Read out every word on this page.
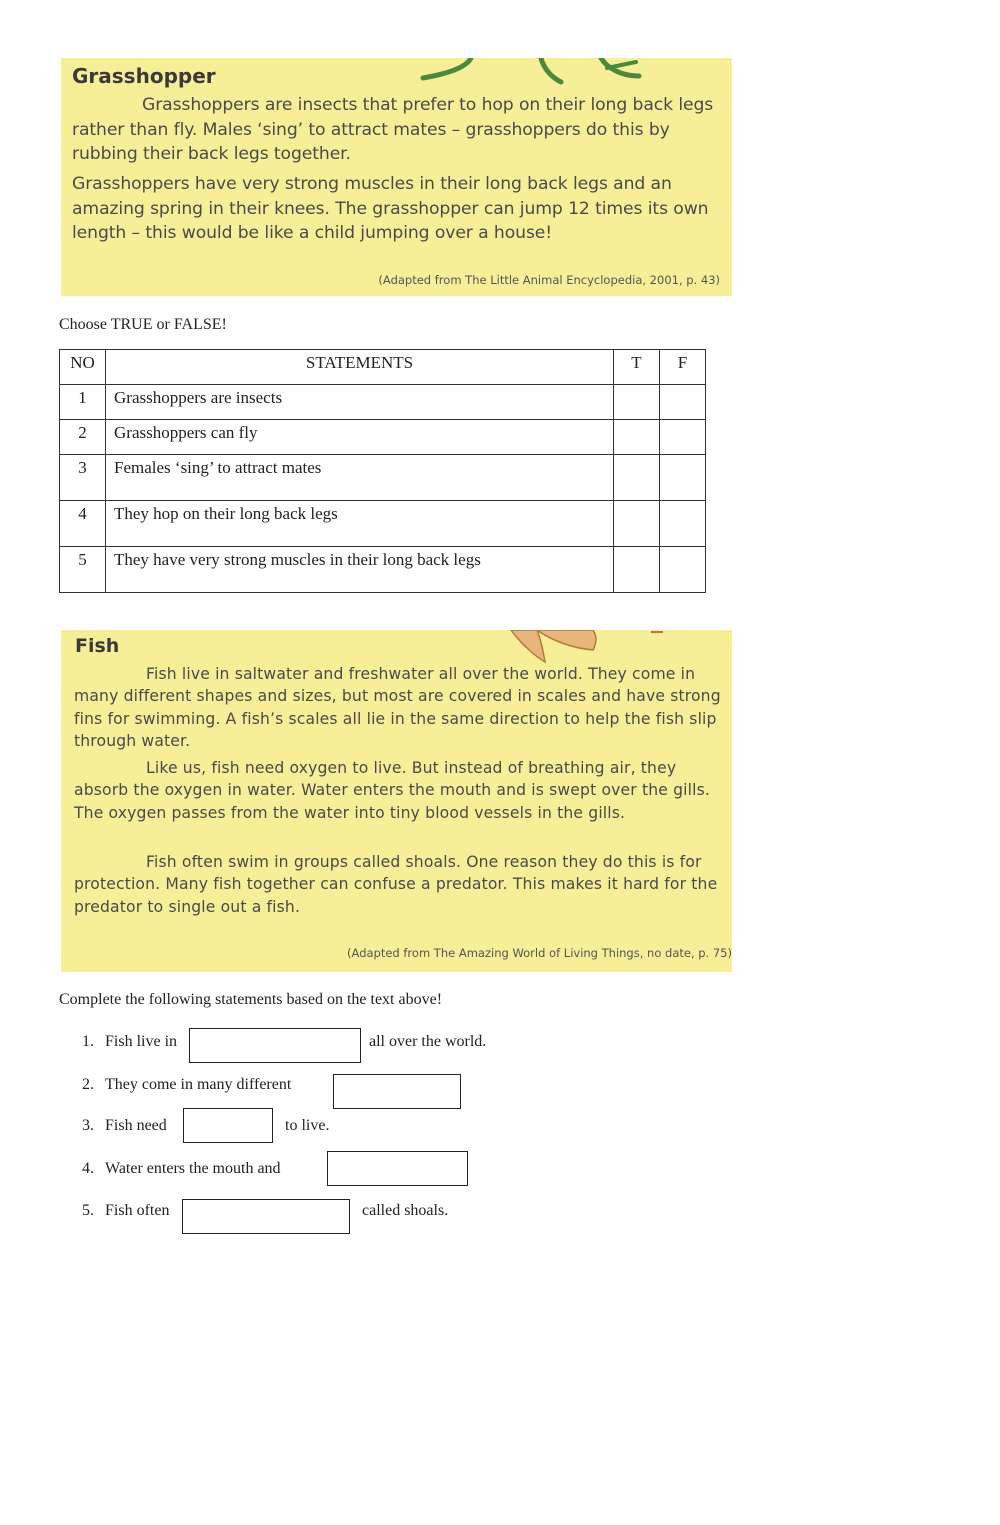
Grasshopper

Grasshoppers are insects that prefer to hop on their long back legs rather than fly. Males ‘sing’ to attract mates – grasshoppers do this by rubbing their back legs together.

Grasshoppers have very strong muscles in their long back legs and an amazing spring in their knees. The grasshopper can jump 12 times its own length – this would be like a child jumping over a house!

(Adapted from The Little Animal Encyclopedia, 2001, p. 43)
Choose TRUE or FALSE!
NO	STATEMENTS	T	F
1	Grasshoppers are insects		
2	Grasshoppers can fly		
3	Females ‘sing’ to attract mates		
4	They hop on their long back legs		
5	They have very strong muscles in their long back legs		
Fish

Fish live in saltwater and freshwater all over the world. They come in many different shapes and sizes, but most are covered in scales and have strong fins for swimming. A fish’s scales all lie in the same direction to help the fish slip through water.

Like us, fish need oxygen to live. But instead of breathing air, they absorb the oxygen in water. Water enters the mouth and is swept over the gills. The oxygen passes from the water into tiny blood vessels in the gills.

Fish often swim in groups called shoals. One reason they do this is for protection. Many fish together can confuse a predator. This makes it hard for the predator to single out a fish.

(Adapted from The Amazing World of Living Things, no date, p. 75)
Complete the following statements based on the text above!
1. Fish live in	all over the world.
2. They come in many different
3. Fish need	to live.
4. Water enters the mouth and
5. Fish often	called shoals.
